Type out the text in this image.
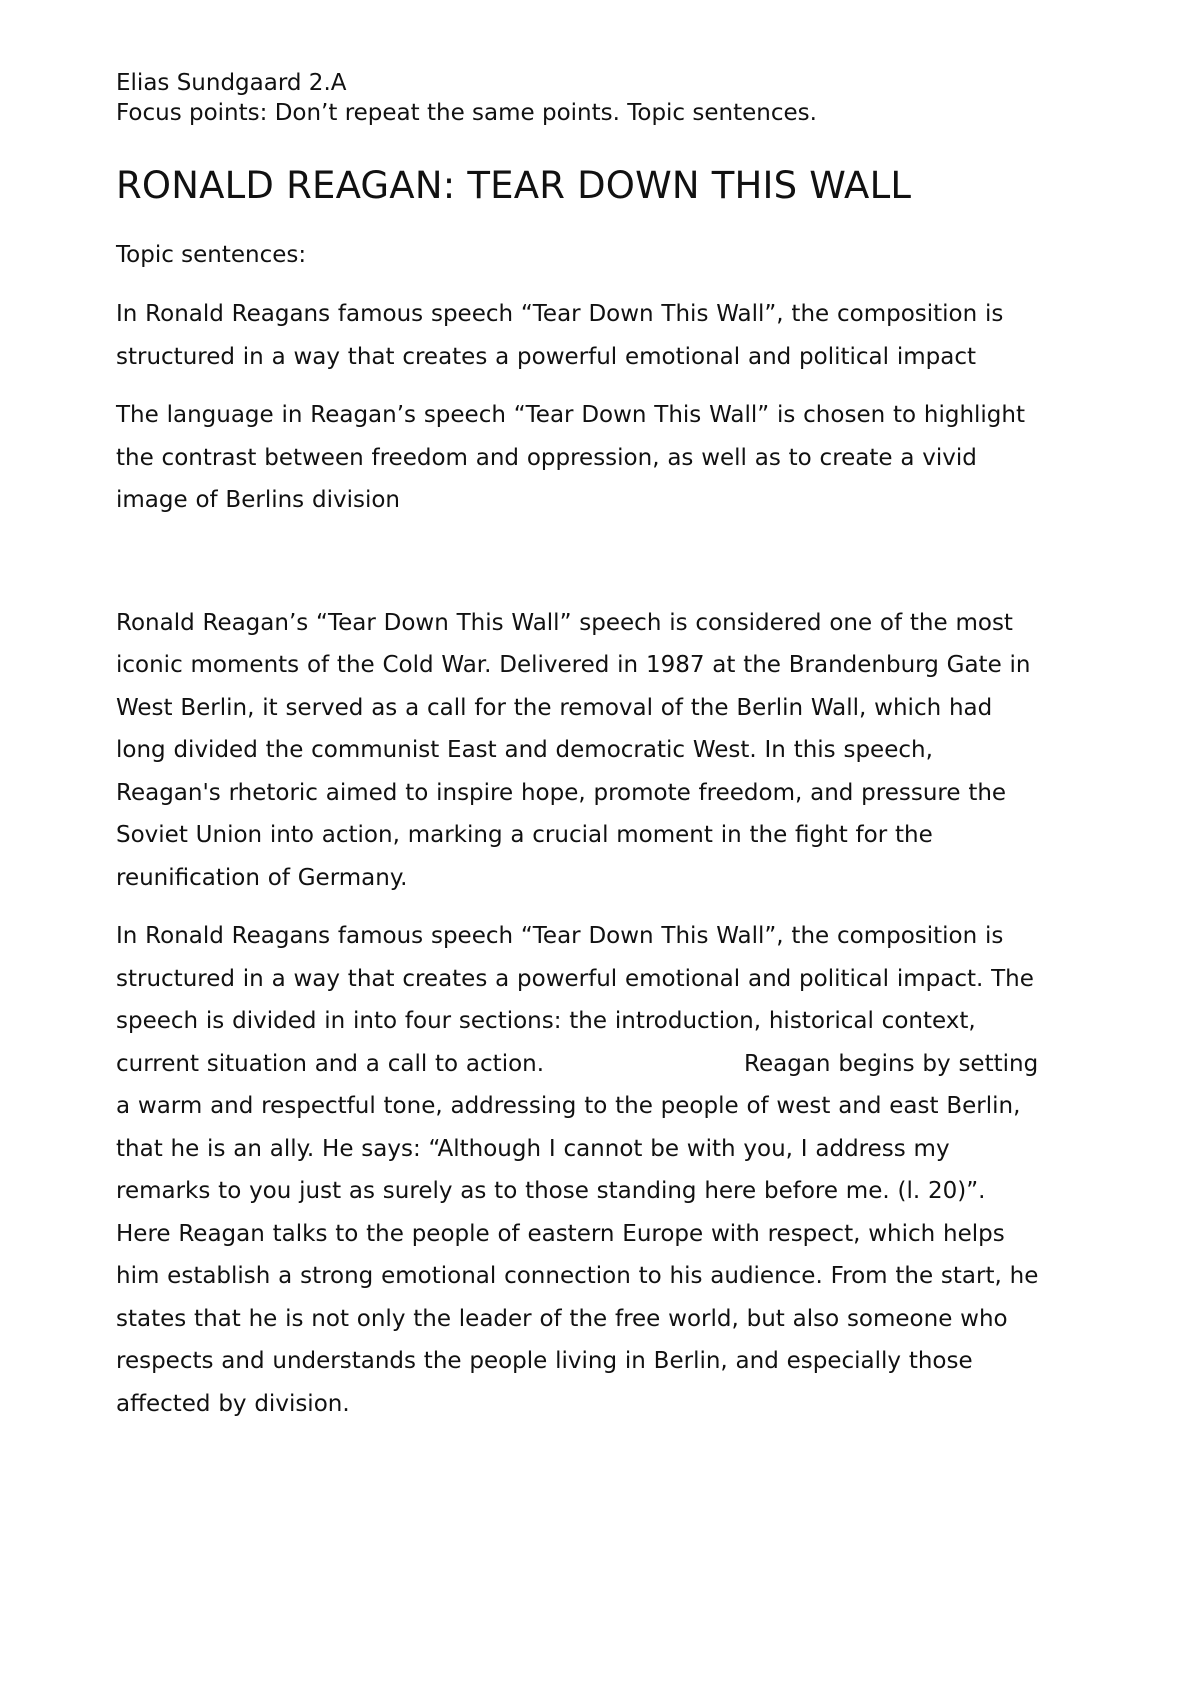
Elias Sundgaard 2.A

Focus points: Don’t repeat the same points. Topic sentences.

RONALD REAGAN: TEAR DOWN THIS WALL

Topic sentences:

In Ronald Reagans famous speech “Tear Down This Wall”, the composition is
structured in a way that creates a powerful emotional and political impact

The language in Reagan’s speech “Tear Down This Wall” is chosen to highlight
the contrast between freedom and oppression, as well as to create a vivid
image of Berlins division

Ronald Reagan’s “Tear Down This Wall” speech is considered one of the most
iconic moments of the Cold War. Delivered in 1987 at the Brandenburg Gate in
West Berlin, it served as a call for the removal of the Berlin Wall, which had
long divided the communist East and democratic West. In this speech,
Reagan's rhetoric aimed to inspire hope, promote freedom, and pressure the
Soviet Union into action, marking a crucial moment in the fight for the
reunification of Germany.

In Ronald Reagans famous speech “Tear Down This Wall”, the composition is
structured in a way that creates a powerful emotional and political impact. The
speech is divided in into four sections: the introduction, historical context,
current situation and a call to action.	Reagan begins by setting
a warm and respectful tone, addressing to the people of west and east Berlin,
that he is an ally. He says: “Although I cannot be with you, I address my
remarks to you just as surely as to those standing here before me. (l. 20)”.
Here Reagan talks to the people of eastern Europe with respect, which helps
him establish a strong emotional connection to his audience. From the start, he
states that he is not only the leader of the free world, but also someone who
respects and understands the people living in Berlin, and especially those
affected by division.
